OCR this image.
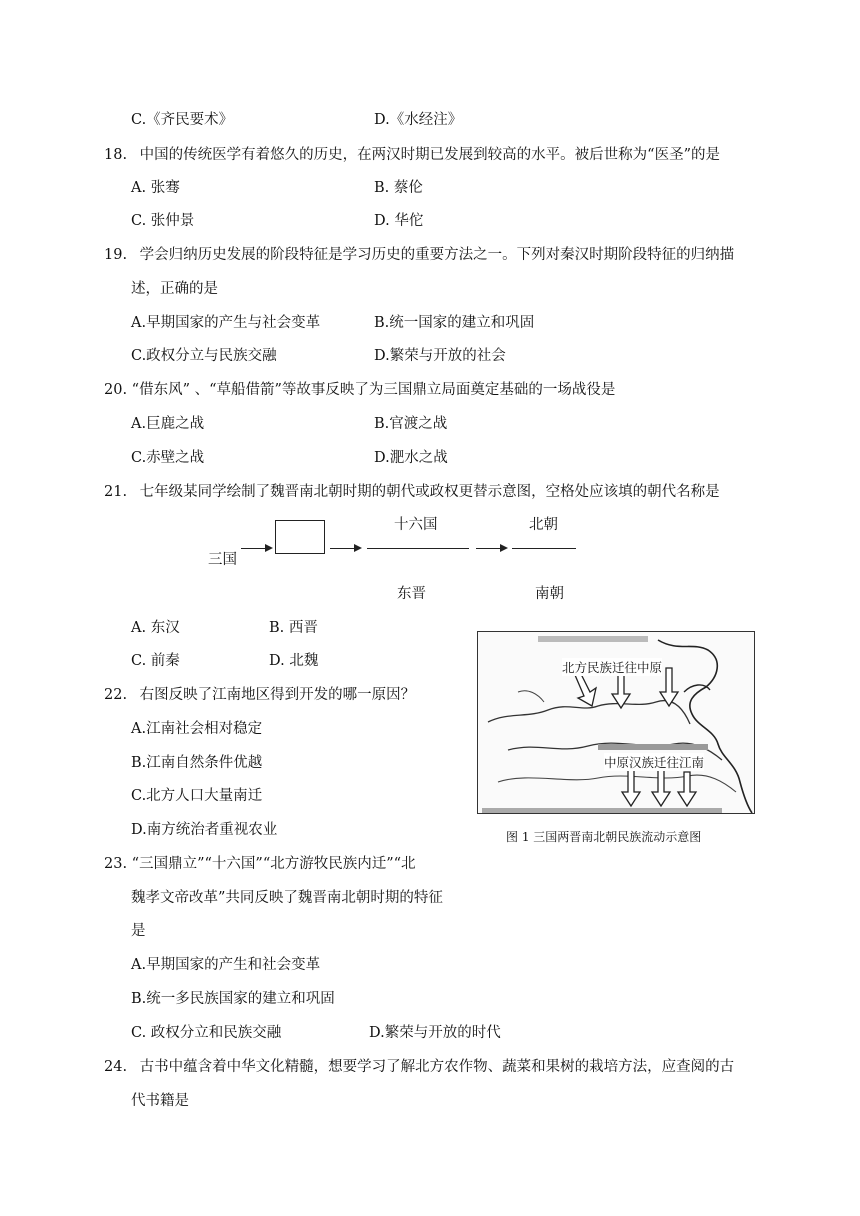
C.《齐民要术》	D.《水经注》
18. 中国的传统医学有着悠久的历史，在两汉时期已发展到较高的水平。被后世称为“医圣”的是
A. 张骞	B. 蔡伦
C. 张仲景	D. 华佗
19. 学会归纳历史发展的阶段特征是学习历史的重要方法之一。下列对秦汉时期阶段特征的归纳描
述，正确的是
A.早期国家的产生与社会变革	B.统一国家的建立和巩固
C.政权分立与民族交融	D.繁荣与开放的社会
20. “借东风” 、“草船借箭”等故事反映了为三国鼎立局面奠定基础的一场战役是
A.巨鹿之战	B.官渡之战
C.赤壁之战	D.淝水之战
21. 七年级某同学绘制了魏晋南北朝时期的朝代或政权更替示意图，空格处应该填的朝代名称是
三国
十六国
东晋
北朝
南朝
A. 东汉	B. 西晋
C. 前秦	D. 北魏
22. 右图反映了江南地区得到开发的哪一原因？
A.江南社会相对稳定
B.江南自然条件优越
C.北方人口大量南迁
D.南方统治者重视农业
北方民族迁往中原
中原汉族迁往江南
图 1 三国两晋南北朝民族流动示意图
23. “三国鼎立”“十六国”“北方游牧民族内迁”“北
魏孝文帝改革”共同反映了魏晋南北朝时期的特征
是
A.早期国家的产生和社会变革
B.统一多民族国家的建立和巩固
C. 政权分立和民族交融	D.繁荣与开放的时代
24. 古书中蕴含着中华文化精髓，想要学习了解北方农作物、蔬菜和果树的栽培方法，应查阅的古
代书籍是
